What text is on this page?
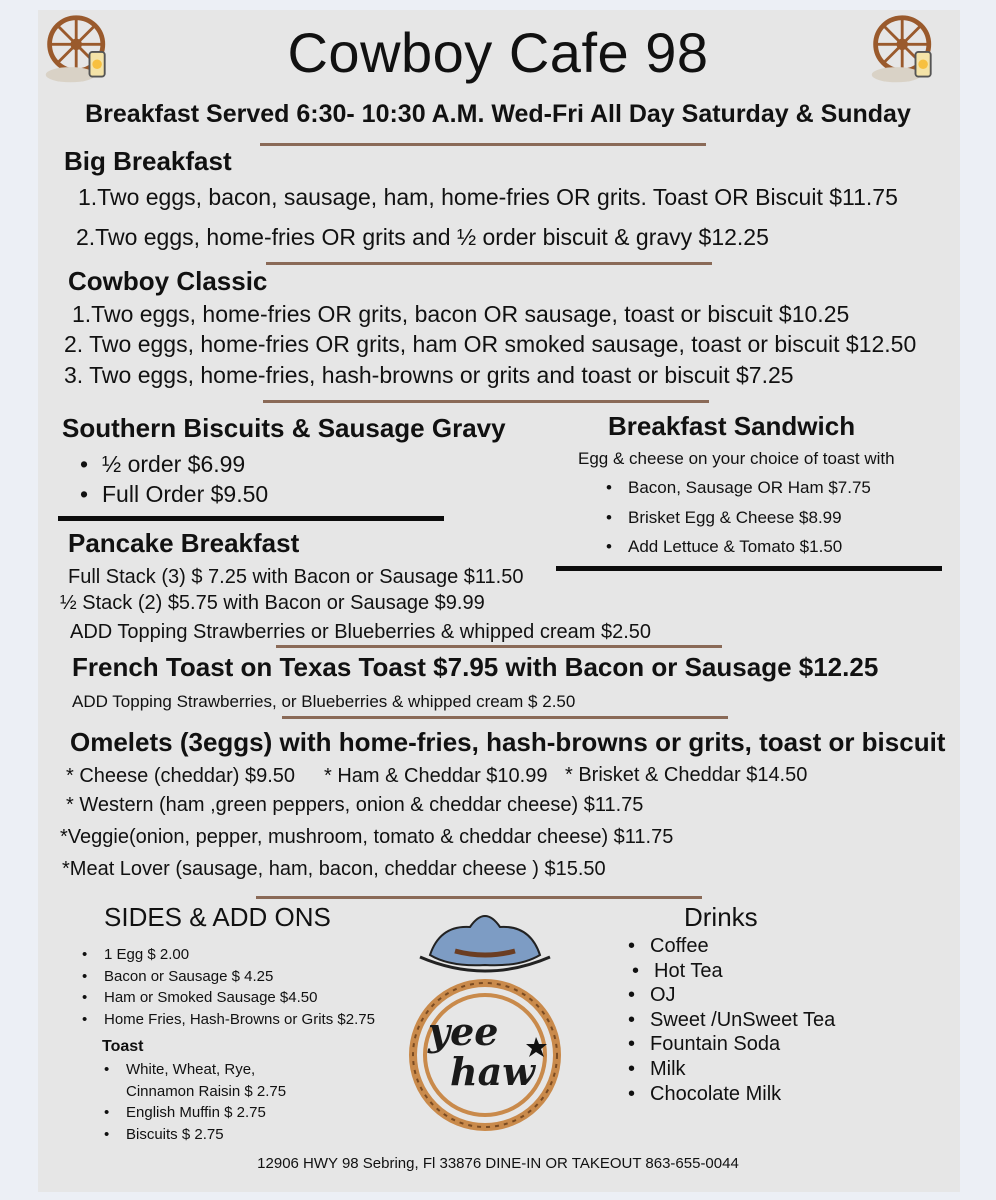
Cowboy Cafe 98
Breakfast Served 6:30- 10:30 A.M. Wed-Fri All Day Saturday & Sunday
Big Breakfast
1.Two eggs, bacon, sausage, ham, home-fries OR grits. Toast OR Biscuit $11.75
2.Two eggs, home-fries OR grits and ½ order biscuit & gravy $12.25
Cowboy Classic
1.Two eggs, home-fries OR grits, bacon OR sausage, toast or biscuit $10.25
2. Two eggs, home-fries OR grits, ham OR smoked sausage, toast or biscuit $12.50
3. Two eggs, home-fries, hash-browns or grits and toast or biscuit $7.25
Southern Biscuits & Sausage Gravy
• ½ order $6.99
• Full Order $9.50
Breakfast Sandwich
Egg & cheese on your choice of toast with
• Bacon, Sausage OR Ham $7.75
• Brisket Egg & Cheese $8.99
• Add Lettuce & Tomato $1.50
Pancake Breakfast
Full Stack (3) $ 7.25 with Bacon or Sausage $11.50
½ Stack (2) $5.75 with Bacon or Sausage $9.99
ADD Topping Strawberries or Blueberries & whipped cream $2.50
French Toast on Texas Toast $7.95 with Bacon or Sausage $12.25
ADD Topping Strawberries, or Blueberries & whipped cream $ 2.50
Omelets (3eggs) with home-fries, hash-browns or grits, toast or biscuit
* Cheese (cheddar) $9.50 * Ham & Cheddar $10.99 * Brisket & Cheddar $14.50
* Western (ham ,green peppers, onion & cheddar cheese) $11.75
*Veggie(onion, pepper, mushroom, tomato & cheddar cheese) $11.75
*Meat Lover (sausage, ham, bacon, cheddar cheese ) $15.50
SIDES & ADD ONS
• 1 Egg $ 2.00
• Bacon or Sausage $ 4.25
• Ham or Smoked Sausage $4.50
• Home Fries, Hash-Browns or Grits $2.75
Toast
• White, Wheat, Rye,
Cinnamon Raisin $ 2.75
• English Muffin $ 2.75
• Biscuits $ 2.75
yee
haw
Drinks
• Coffee
• Hot Tea
• OJ
• Sweet /UnSweet Tea
• Fountain Soda
• Milk
• Chocolate Milk
12906 HWY 98 Sebring, Fl 33876 DINE-IN OR TAKEOUT 863-655-0044
